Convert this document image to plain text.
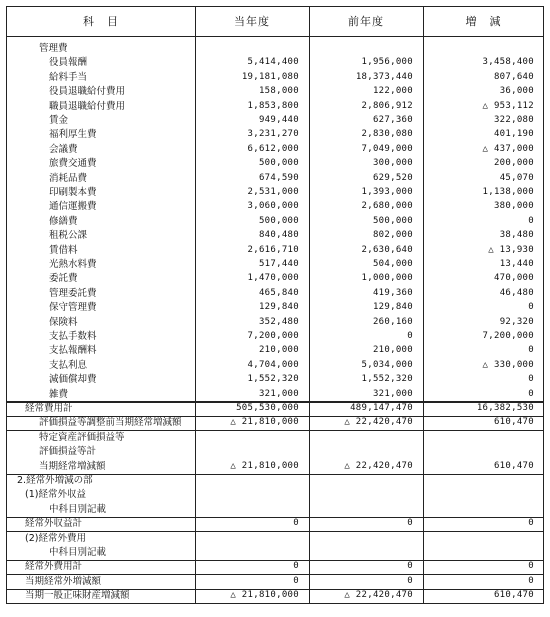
科　目	当年度	前年度	増　減
管理費
役員報酬	5,414,400	1,956,000	3,458,400
給料手当	19,181,080	18,373,440	807,640
役員退職給付費用	158,000	122,000	36,000
職員退職給付費用	1,853,800	2,806,912	△ 953,112
賃金	949,440	627,360	322,080
福利厚生費	3,231,270	2,830,080	401,190
会議費	6,612,000	7,049,000	△ 437,000
旅費交通費	500,000	300,000	200,000
消耗品費	674,590	629,520	45,070
印刷製本費	2,531,000	1,393,000	1,138,000
通信運搬費	3,060,000	2,680,000	380,000
修繕費	500,000	500,000	0
租税公課	840,480	802,000	38,480
賃借料	2,616,710	2,630,640	△ 13,930
光熱水料費	517,440	504,000	13,440
委託費	1,470,000	1,000,000	470,000
管理委託費	465,840	419,360	46,480
保守管理費	129,840	129,840	0
保険料	352,480	260,160	92,320
支払手数料	7,200,000	0	7,200,000
支払報酬料	210,000	210,000	0
支払利息	4,704,000	5,034,000	△ 330,000
減価償却費	1,552,320	1,552,320	0
雑費	321,000	321,000	0
経常費用計	505,530,000	489,147,470	16,382,530
評価損益等調整前当期経常増減額	△ 21,810,000	△ 22,420,470	610,470
特定資産評価損益等
評価損益等計
当期経常増減額	△ 21,810,000	△ 22,420,470	610,470
2.経常外増減の部
(1)経常外収益
中科目別記載
経常外収益計	0	0	0
(2)経常外費用
中科目別記載
経常外費用計	0	0	0
当期経常外増減額	0	0	0
当期一般正味財産増減額	△ 21,810,000	△ 22,420,470	610,470
